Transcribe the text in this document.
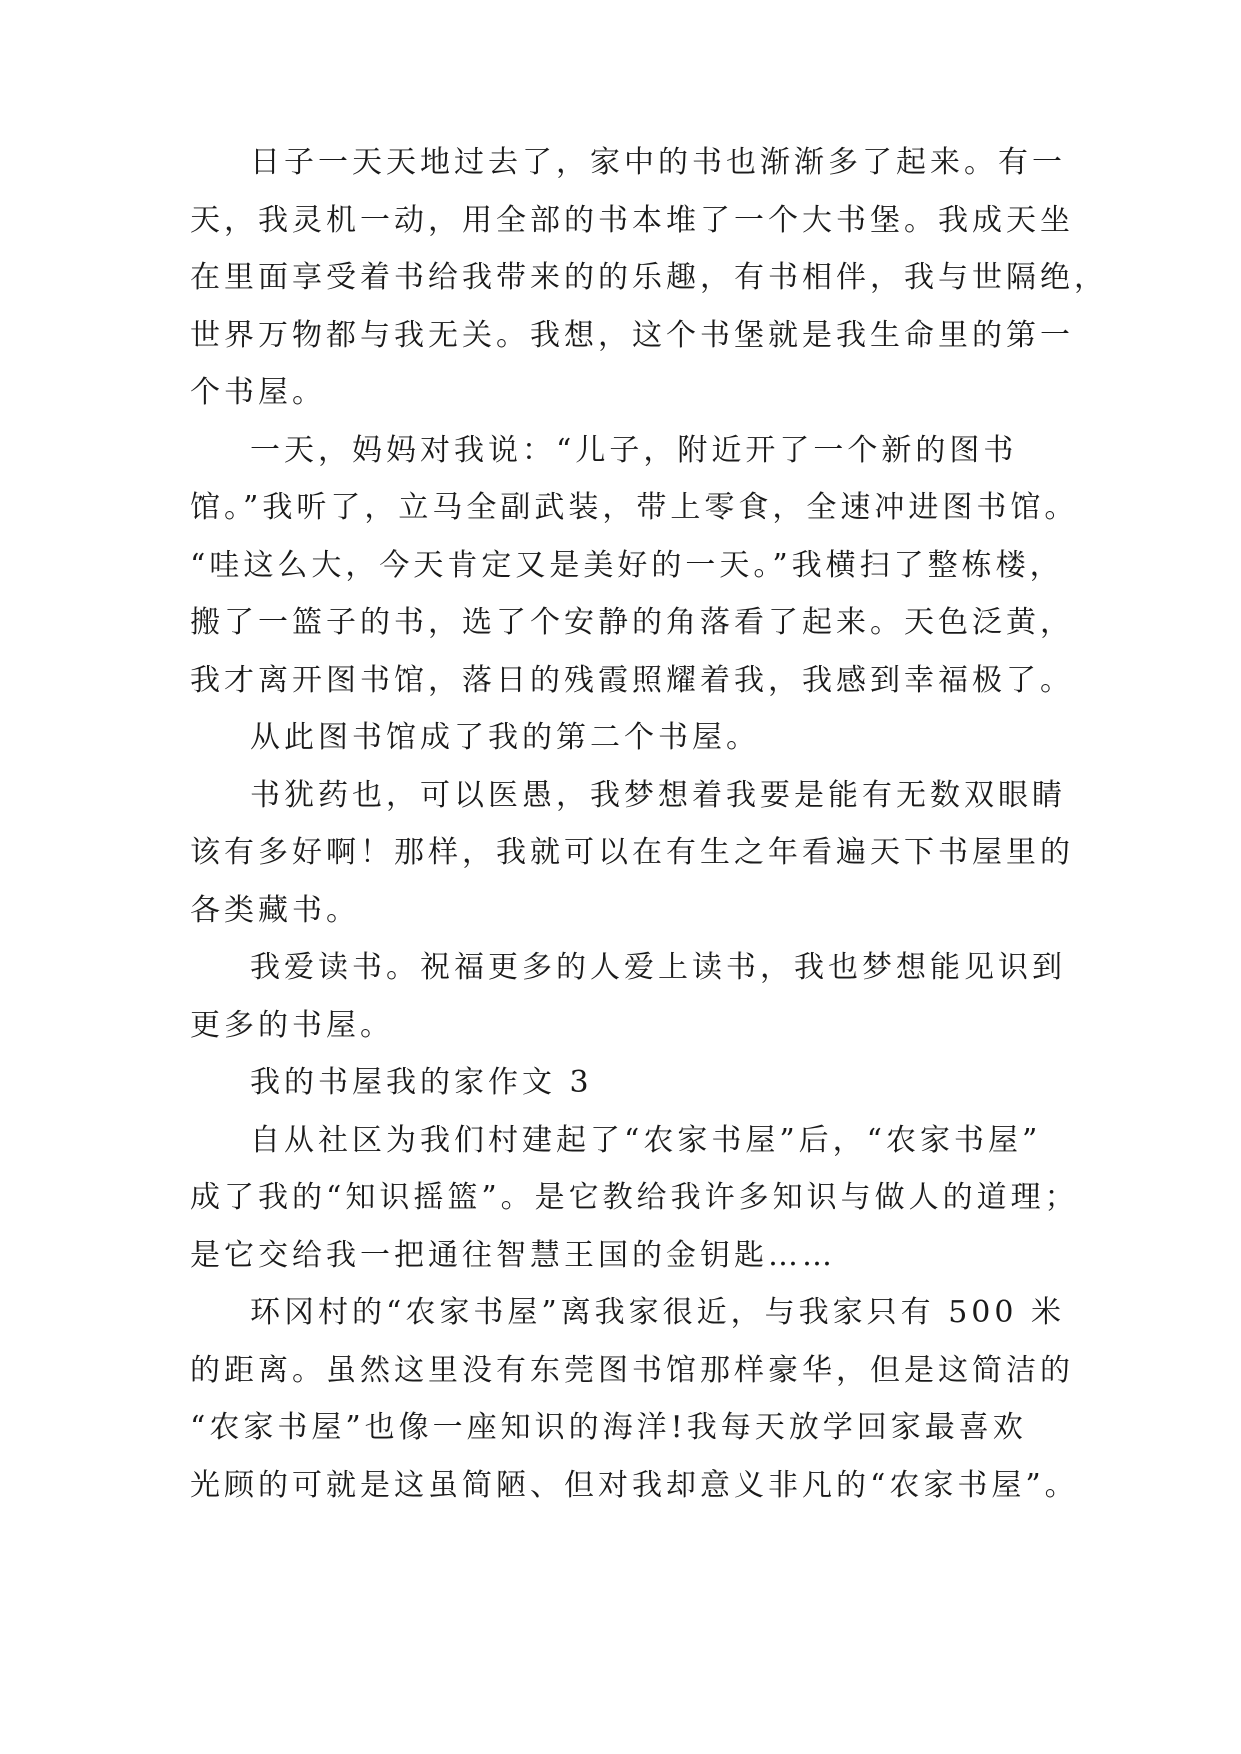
日子一天天地过去了，家中的书也渐渐多了起来。有一
天，我灵机一动，用全部的书本堆了一个大书堡。我成天坐
在里面享受着书给我带来的的乐趣，有书相伴，我与世隔绝，
世界万物都与我无关。我想，这个书堡就是我生命里的第一
个书屋。
一天，妈妈对我说：“儿子，附近开了一个新的图书
馆。”我听了，立马全副武装，带上零食，全速冲进图书馆。
“哇这么大，今天肯定又是美好的一天。”我横扫了整栋楼，
搬了一篮子的书，选了个安静的角落看了起来。天色泛黄，
我才离开图书馆，落日的残霞照耀着我，我感到幸福极了。
从此图书馆成了我的第二个书屋。
书犹药也，可以医愚，我梦想着我要是能有无数双眼睛
该有多好啊！那样，我就可以在有生之年看遍天下书屋里的
各类藏书。
我爱读书。祝福更多的人爱上读书，我也梦想能见识到
更多的书屋。
我的书屋我的家作文 3
自从社区为我们村建起了“农家书屋”后，“农家书屋”
成了我的“知识摇篮”。是它教给我许多知识与做人的道理；
是它交给我一把通往智慧王国的金钥匙……
环冈村的“农家书屋”离我家很近，与我家只有 500 米
的距离。虽然这里没有东莞图书馆那样豪华，但是这简洁的
“农家书屋”也像一座知识的海洋!我每天放学回家最喜欢
光顾的可就是这虽简陋、但对我却意义非凡的“农家书屋”。
